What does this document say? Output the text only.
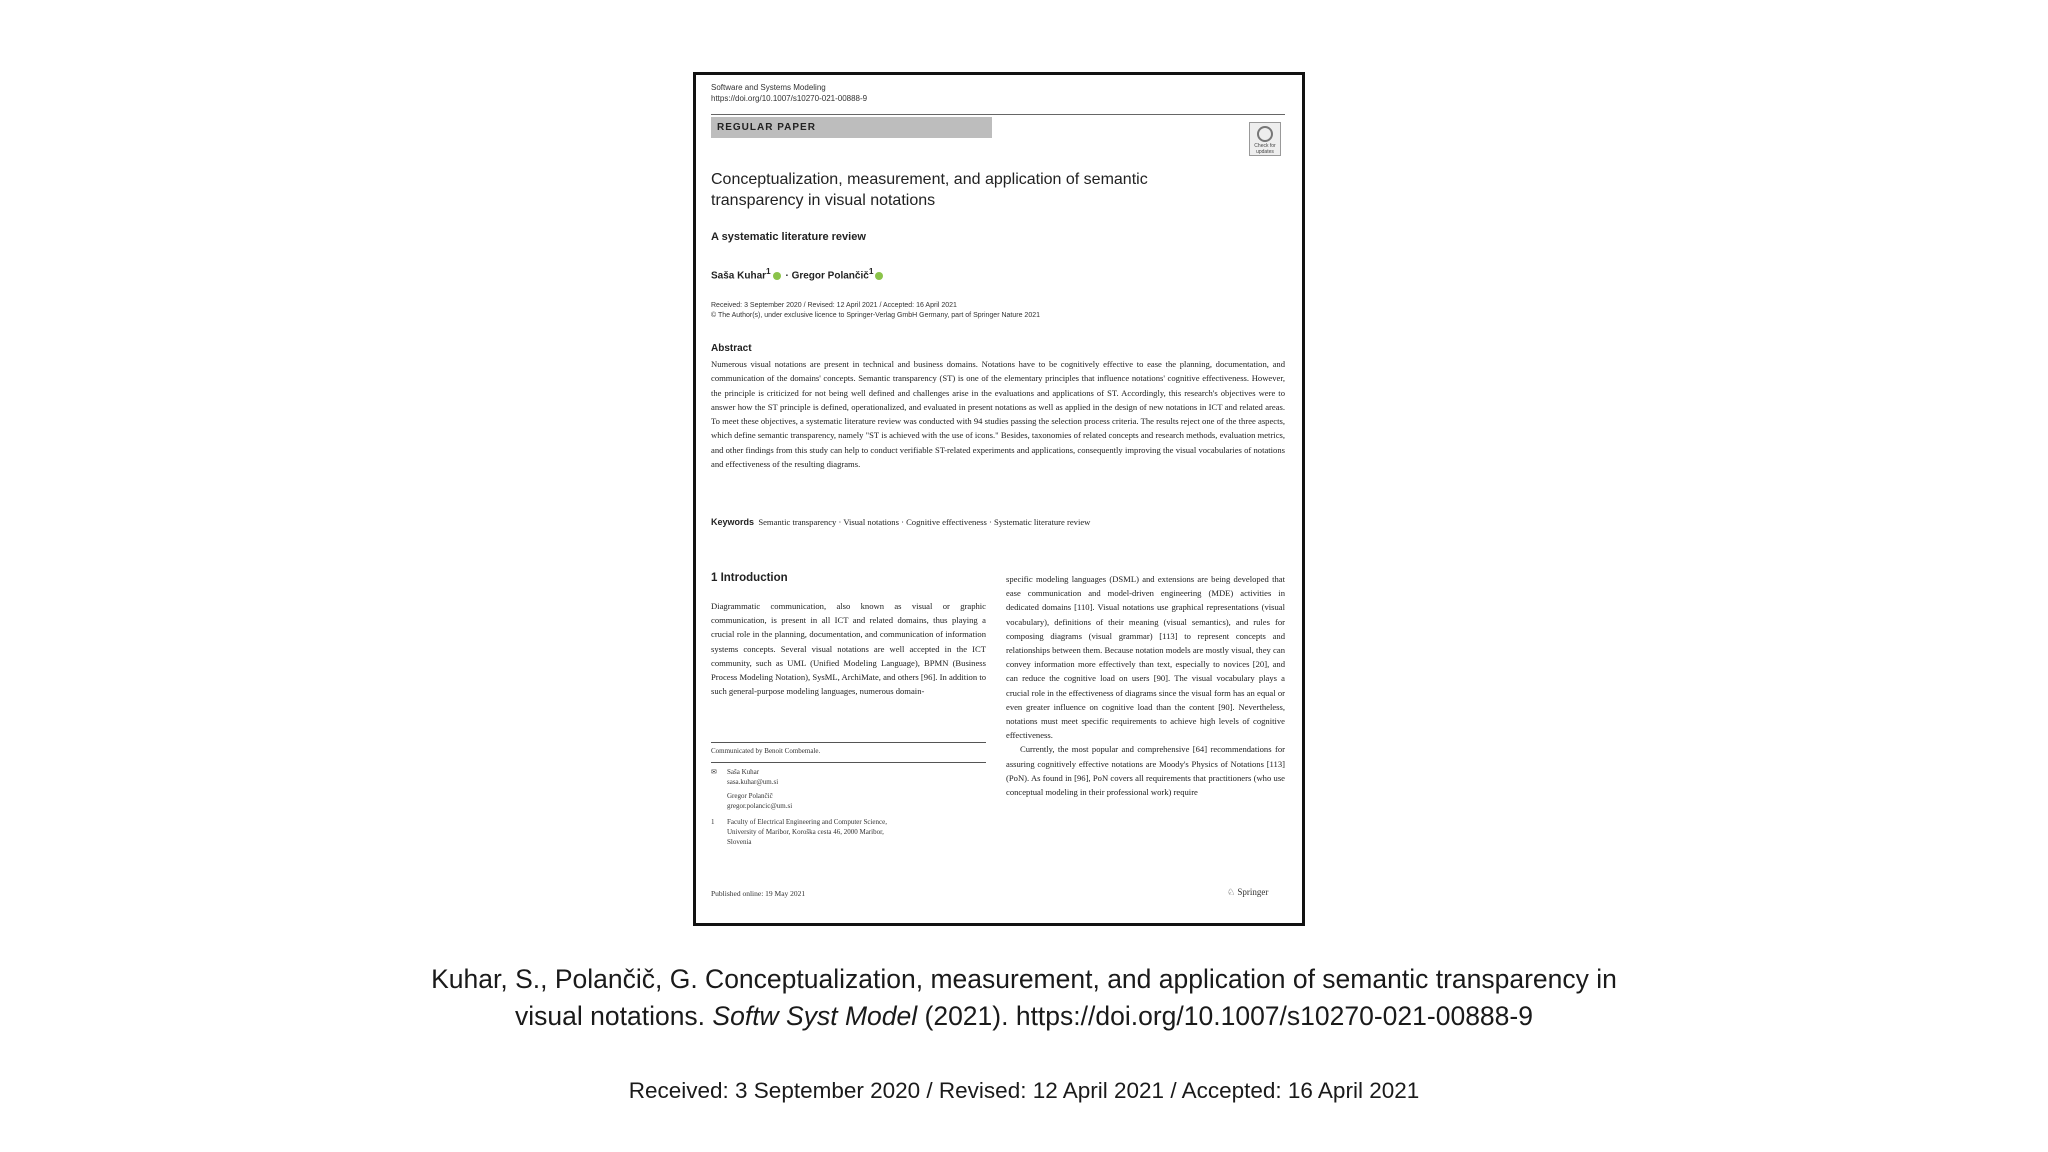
Software and Systems Modeling
https://doi.org/10.1007/s10270-021-00888-9
REGULAR PAPER
Check for updates
Conceptualization, measurement, and application of semantic transparency in visual notations
A systematic literature review
Saša Kuhar$^1$ · Gregor Polančič$^1$
Received: 3 September 2020 / Revised: 12 April 2021 / Accepted: 16 April 2021
© The Author(s), under exclusive licence to Springer-Verlag GmbH Germany, part of Springer Nature 2021
Abstract
Numerous visual notations are present in technical and business domains. Notations have to be cognitively effective to ease the planning, documentation, and communication of the domains' concepts. Semantic transparency (ST) is one of the elementary principles that influence notations' cognitive effectiveness. However, the principle is criticized for not being well defined and challenges arise in the evaluations and applications of ST. Accordingly, this research's objectives were to answer how the ST principle is defined, operationalized, and evaluated in present notations as well as applied in the design of new notations in ICT and related areas. To meet these objectives, a systematic literature review was conducted with 94 studies passing the selection process criteria. The results reject one of the three aspects, which define semantic transparency, namely "ST is achieved with the use of icons." Besides, taxonomies of related concepts and research methods, evaluation metrics, and other findings from this study can help to conduct verifiable ST-related experiments and applications, consequently improving the visual vocabularies of notations and effectiveness of the resulting diagrams.
Keywords Semantic transparency · Visual notations · Cognitive effectiveness · Systematic literature review
1 Introduction
Diagrammatic communication, also known as visual or graphic communication, is present in all ICT and related domains, thus playing a crucial role in the planning, documentation, and communication of information systems concepts. Several visual notations are well accepted in the ICT community, such as UML (Unified Modeling Language), BPMN (Business Process Modeling Notation), SysML, ArchiMate, and others [96]. In addition to such general-purpose modeling languages, numerous domain-
specific modeling languages (DSML) and extensions are being developed that ease communication and model-driven engineering (MDE) activities in dedicated domains [110]. Visual notations use graphical representations (visual vocabulary), definitions of their meaning (visual semantics), and rules for composing diagrams (visual grammar) [113] to represent concepts and relationships between them. Because notation models are mostly visual, they can convey information more effectively than text, especially to novices [20], and can reduce the cognitive load on users [90]. The visual vocabulary plays a crucial role in the effectiveness of diagrams since the visual form has an equal or even greater influence on cognitive load than the content [90]. Nevertheless, notations must meet specific requirements to achieve high levels of cognitive effectiveness.
Currently, the most popular and comprehensive [64] recommendations for assuring cognitively effective notations are Moody's Physics of Notations [113] (PoN). As found in [96], PoN covers all requirements that practitioners (who use conceptual modeling in their professional work) require
Communicated by Benoit Combemale.
✉ Saša Kuhar
sasa.kuhar@um.si
Gregor Polančič
gregor.polancic@um.si
1 Faculty of Electrical Engineering and Computer Science,
University of Maribor, Koroška cesta 46, 2000 Maribor,
Slovenia
Published online: 19 May 2021	♘ Springer
Kuhar, S., Polančič, G. Conceptualization, measurement, and application of semantic transparency in
visual notations. Softw Syst Model (2021). https://doi.org/10.1007/s10270-021-00888-9
Received: 3 September 2020 / Revised: 12 April 2021 / Accepted: 16 April 2021
